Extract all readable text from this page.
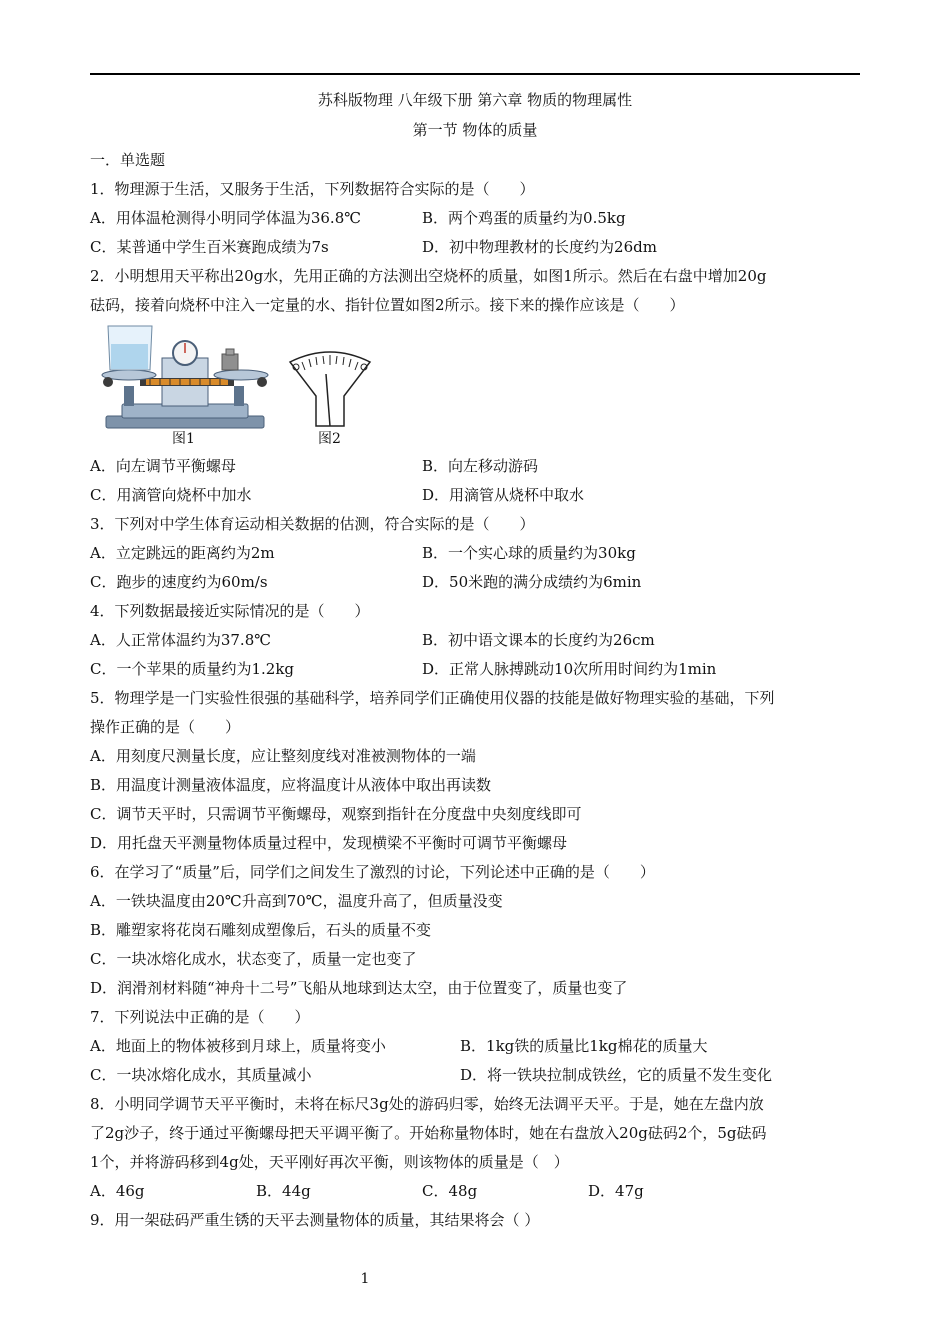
苏科版物理 八年级下册 第六章 物质的物理属性
第一节 物体的质量
一．单选题
1．物理源于生活，又服务于生活，下列数据符合实际的是（　　）
A．用体温枪测得小明同学体温为36.8℃	B．两个鸡蛋的质量约为0.5kg
C．某普通中学生百米赛跑成绩为7s	D．初中物理教材的长度约为26dm
2．小明想用天平称出20g水，先用正确的方法测出空烧杯的质量，如图1所示。然后在右盘中增加20g
砝码，接着向烧杯中注入一定量的水、指针位置如图2所示。接下来的操作应该是（　　）
图1	图2
A．向左调节平衡螺母	B．向左移动游码
C．用滴管向烧杯中加水	D．用滴管从烧杯中取水
3．下列对中学生体育运动相关数据的估测，符合实际的是（　　）
A．立定跳远的距离约为2m	B．一个实心球的质量约为30kg
C．跑步的速度约为60m/s	D．50米跑的满分成绩约为6min
4．下列数据最接近实际情况的是（　　）
A．人正常体温约为37.8℃	B．初中语文课本的长度约为26cm
C．一个苹果的质量约为1.2kg	D．正常人脉搏跳动10次所用时间约为1min
5．物理学是一门实验性很强的基础科学，培养同学们正确使用仪器的技能是做好物理实验的基础，下列
操作正确的是（　　）
A．用刻度尺测量长度，应让整刻度线对准被测物体的一端
B．用温度计测量液体温度，应将温度计从液体中取出再读数
C．调节天平时，只需调节平衡螺母，观察到指针在分度盘中央刻度线即可
D．用托盘天平测量物体质量过程中，发现横梁不平衡时可调节平衡螺母
6．在学习了“质量”后，同学们之间发生了激烈的讨论，下列论述中正确的是（　　）
A．一铁块温度由20℃升高到70℃，温度升高了，但质量没变
B．雕塑家将花岗石雕刻成塑像后，石头的质量不变
C．一块冰熔化成水，状态变了，质量一定也变了
D．润滑剂材料随“神舟十二号”飞船从地球到达太空，由于位置变了，质量也变了
7．下列说法中正确的是（　　）
A．地面上的物体被移到月球上，质量将变小	B．1kg铁的质量比1kg棉花的质量大
C．一块冰熔化成水，其质量减小	D．将一铁块拉制成铁丝，它的质量不发生变化
8．小明同学调节天平平衡时，未将在标尺3g处的游码归零，始终无法调平天平。于是，她在左盘内放
了2g沙子，终于通过平衡螺母把天平调平衡了。开始称量物体时，她在右盘放入20g砝码2个，5g砝码
1个，并将游码移到4g处，天平刚好再次平衡，则该物体的质量是（　）
A．46g	B．44g	C．48g	D．47g
9．用一架砝码严重生锈的天平去测量物体的质量，其结果将会（ ）
1
